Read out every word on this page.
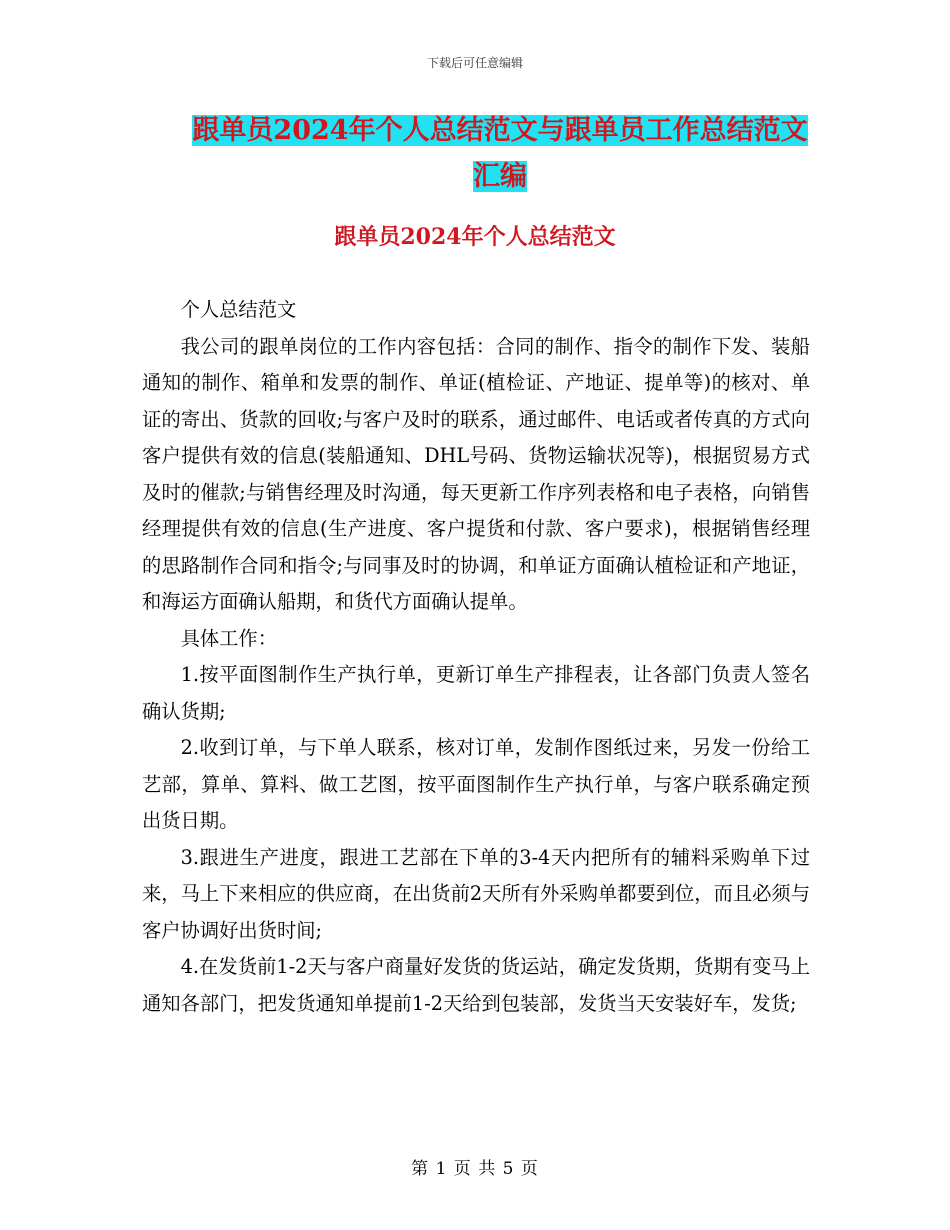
下载后可任意编辑
跟单员2024年个人总结范文与跟单员工作总结范文汇编
跟单员2024年个人总结范文

个人总结范文

我公司的跟单岗位的工作内容包括：合同的制作、指令的制作下发、装船通知的制作、箱单和发票的制作、单证(植检证、产地证、提单等)的核对、单证的寄出、货款的回收;与客户及时的联系，通过邮件、电话或者传真的方式向客户提供有效的信息(装船通知、DHL号码、货物运输状况等)，根据贸易方式及时的催款;与销售经理及时沟通，每天更新工作序列表格和电子表格，向销售经理提供有效的信息(生产进度、客户提货和付款、客户要求)，根据销售经理的思路制作合同和指令;与同事及时的协调，和单证方面确认植检证和产地证，和海运方面确认船期，和货代方面确认提单。

具体工作：

1.按平面图制作生产执行单，更新订单生产排程表，让各部门负责人签名确认货期;

2.收到订单，与下单人联系，核对订单，发制作图纸过来，另发一份给工艺部，算单、算料、做工艺图，按平面图制作生产执行单，与客户联系确定预出货日期。

3.跟进生产进度，跟进工艺部在下单的3-4天内把所有的辅料采购单下过来，马上下来相应的供应商，在出货前2天所有外采购单都要到位，而且必须与客户协调好出货时间;

4.在发货前1-2天与客户商量好发货的货运站，确定发货期，货期有变马上通知各部门，把发货通知单提前1-2天给到包装部，发货当天安装好车，发货;

第 1 页 共 5 页
